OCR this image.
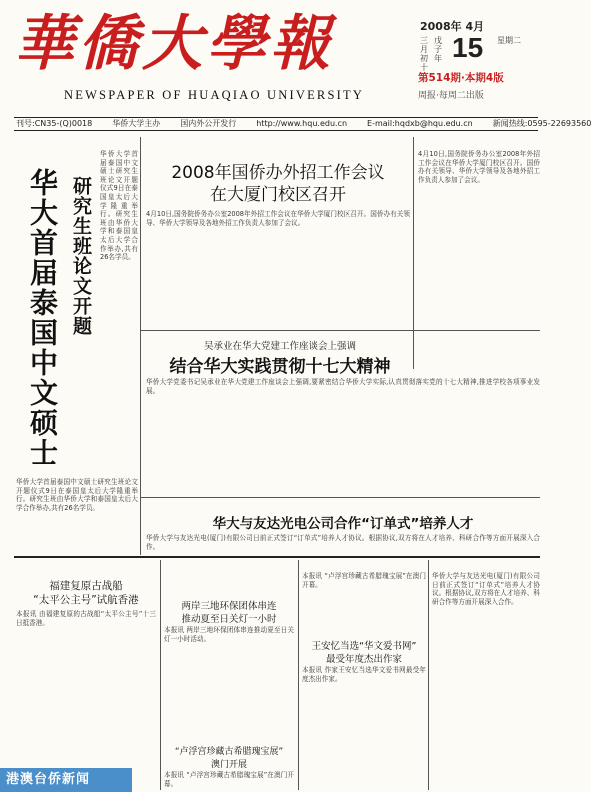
華僑大學報
NEWSPAPER OF HUAQIAO UNIVERSITY
2008年 4月
三月初十
戊子年 15 星期二
第514期·本期4版
周报·每周二出版
刊号:CN35-(Q)0018	华侨大学主办	国内外公开发行	http://www.hqu.edu.cn	E-mail:hqdxb@hqu.edu.cn	新闻热线:0595-22693560
华大首届泰国中文硕士 研究生班论文开题
华侨大学首届泰国中文硕士研究生班论文开题仪式9日在泰国皇太后大学隆重举行。研究生班由华侨大学和泰国皇太后大学合作举办,共有26名学员。
华侨大学首届泰国中文硕士研究生班论文开题仪式9日在泰国皇太后大学隆重举行。研究生班由华侨大学和泰国皇太后大学合作举办,共有26名学员。
2008年国侨办外招工作会议
在大厦门校区召开
4月10日,国务院侨务办公室2008年外招工作会议在华侨大学厦门校区召开。国侨办有关领导、华侨大学领导及各地外招工作负责人参加了会议。
4月10日,国务院侨务办公室2008年外招工作会议在华侨大学厦门校区召开。国侨办有关领导、华侨大学领导及各地外招工作负责人参加了会议。
吴承业在华大党建工作座谈会上强调
结合华大实践贯彻十七大精神
华侨大学党委书记吴承业在华大党建工作座谈会上强调,要紧密结合华侨大学实际,认真贯彻落实党的十七大精神,推进学校各项事业发展。
华大与友达光电公司合作“订单式”培养人才
华侨大学与友达光电(厦门)有限公司日前正式签订“订单式”培养人才协议。根据协议,双方将在人才培养、科研合作等方面开展深入合作。
福建复原古战船
“太平公主号”试航香港
本报讯 由福建复原的古战船“太平公主号”十三日抵香港。
两岸三地环保团体串连
推动夏至日关灯一小时
本报讯 两岸三地环保团体串连推动夏至日关灯一小时活动。
“卢浮宫珍藏古希腊瑰宝展”
澳门开展
本报讯 “卢浮宫珍藏古希腊瑰宝展”在澳门开幕。
本报讯 “卢浮宫珍藏古希腊瑰宝展”在澳门开幕。
王安忆当选“华文爱书网”
最受年度杰出作家
本报讯 作家王安忆当选华文爱书网最受年度杰出作家。
华侨大学与友达光电(厦门)有限公司日前正式签订“订单式”培养人才协议。根据协议,双方将在人才培养、科研合作等方面开展深入合作。
港澳台侨新闻
